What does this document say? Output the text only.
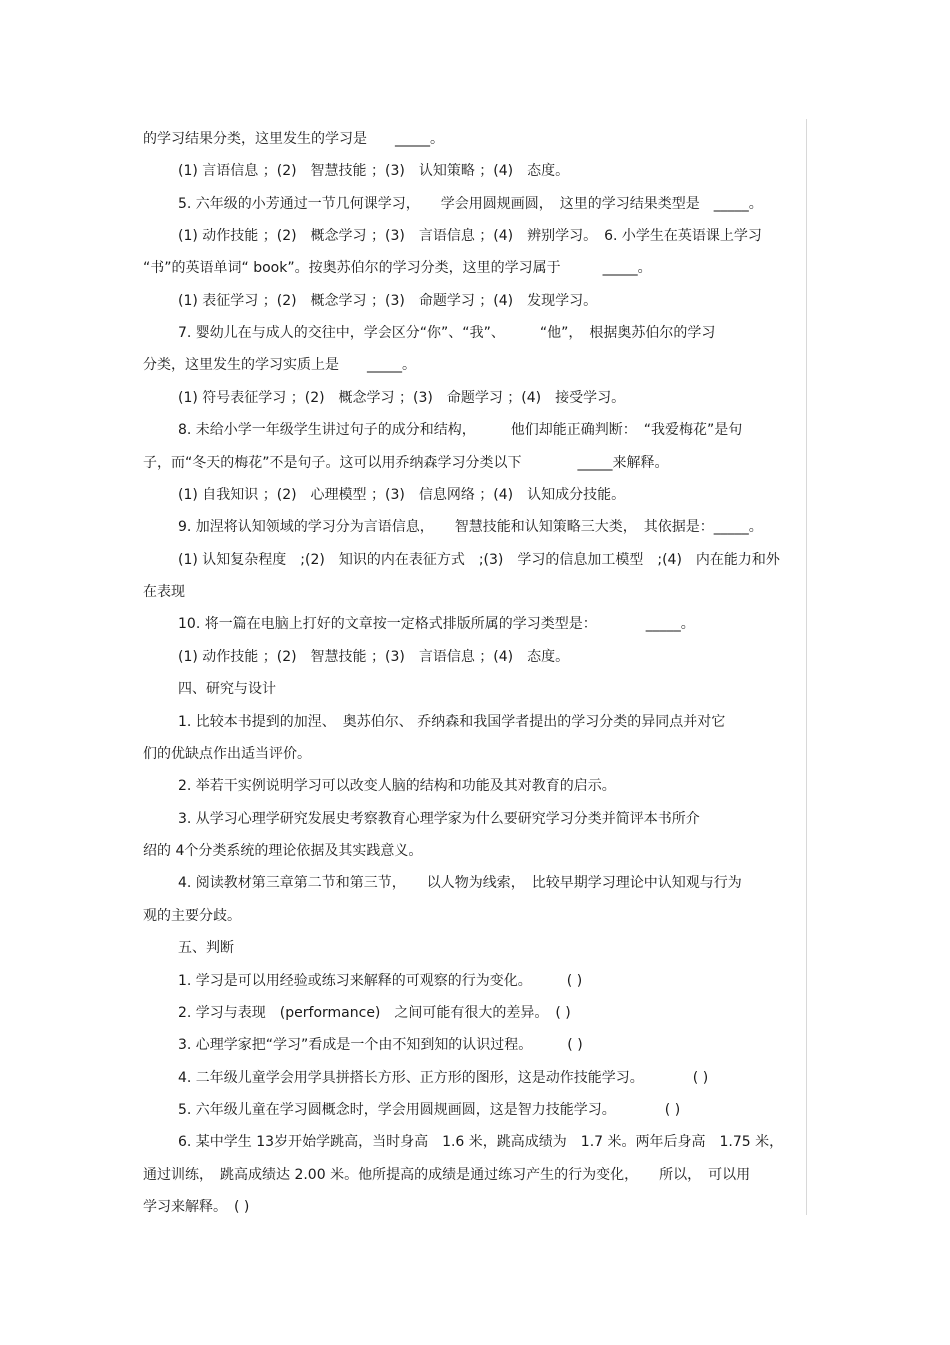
的学习结果分类，这里发生的学习是　　_____。
(1) 言语信息 ；(2)　智慧技能 ；(3)　认知策略 ；(4)　态度。
5. 六年级的小芳通过一节几何课学习，　　学会用圆规画圆，　这里的学习结果类型是　_____。
(1) 动作技能 ；(2)　概念学习 ；(3)　言语信息 ；(4)　辨别学习。　6. 小学生在英语课上学习
“书”的英语单词“ book”。按奥苏伯尔的学习分类，这里的学习属于　　　_____。
(1) 表征学习 ；(2)　概念学习 ；(3)　命题学习 ；(4)　发现学习。
7. 婴幼儿在与成人的交往中，学会区分“你”、“我”、　　　“他”，　根据奥苏伯尔的学习
分类，这里发生的学习实质上是　　_____。
(1) 符号表征学习 ；(2)　概念学习 ；(3)　命题学习 ；(4)　接受学习。
8. 未给小学一年级学生讲过句子的成分和结构，　　　他们却能正确判断：　“我爱梅花”是句
子，而“冬天的梅花”不是句子。这可以用乔纳森学习分类以下　　　　_____来解释。
(1) 自我知识 ；(2)　心理模型 ；(3)　信息网络 ；(4)　认知成分技能。
9. 加涅将认知领域的学习分为言语信息，　　智慧技能和认知策略三大类，　其依据是：_____。
(1) 认知复杂程度　;(2)　知识的内在表征方式　;(3)　学习的信息加工模型　;(4)　内在能力和外
在表现
10. 将一篇在电脑上打好的文章按一定格式排版所属的学习类型是：　　　　_____。
(1) 动作技能 ；(2)　智慧技能 ；(3)　言语信息 ；(4)　态度。
四、研究与设计
1. 比较本书提到的加涅、　奥苏伯尔、 乔纳森和我国学者提出的学习分类的异同点并对它
们的优缺点作出适当评价。
2. 举若干实例说明学习可以改变人脑的结构和功能及其对教育的启示。
3. 从学习心理学研究发展史考察教育心理学家为什么要研究学习分类并简评本书所介
绍的 4个分类系统的理论依据及其实践意义。
4. 阅读教材第三章第二节和第三节，　　以人物为线索，　比较早期学习理论中认知观与行为
观的主要分歧。
五、判断
1. 学习是可以用经验或练习来解释的可观察的行为变化。　　　( )
2. 学习与表现　(performance)　之间可能有很大的差异。　( )
3. 心理学家把“学习”看成是一个由不知到知的认识过程。　　　( )
4. 二年级儿童学会用学具拼搭长方形、正方形的图形，这是动作技能学习。　　　　( )
5. 六年级儿童在学习圆概念时，学会用圆规画圆，这是智力技能学习。　　　　( )
6. 某中学生 13岁开始学跳高，当时身高　1.6 米，跳高成绩为　1.7 米。两年后身高　1.75 米，
通过训练，　跳高成绩达 2.00 米。他所提高的成绩是通过练习产生的行为变化，　　所以，　可以用
学习来解释。　( )
